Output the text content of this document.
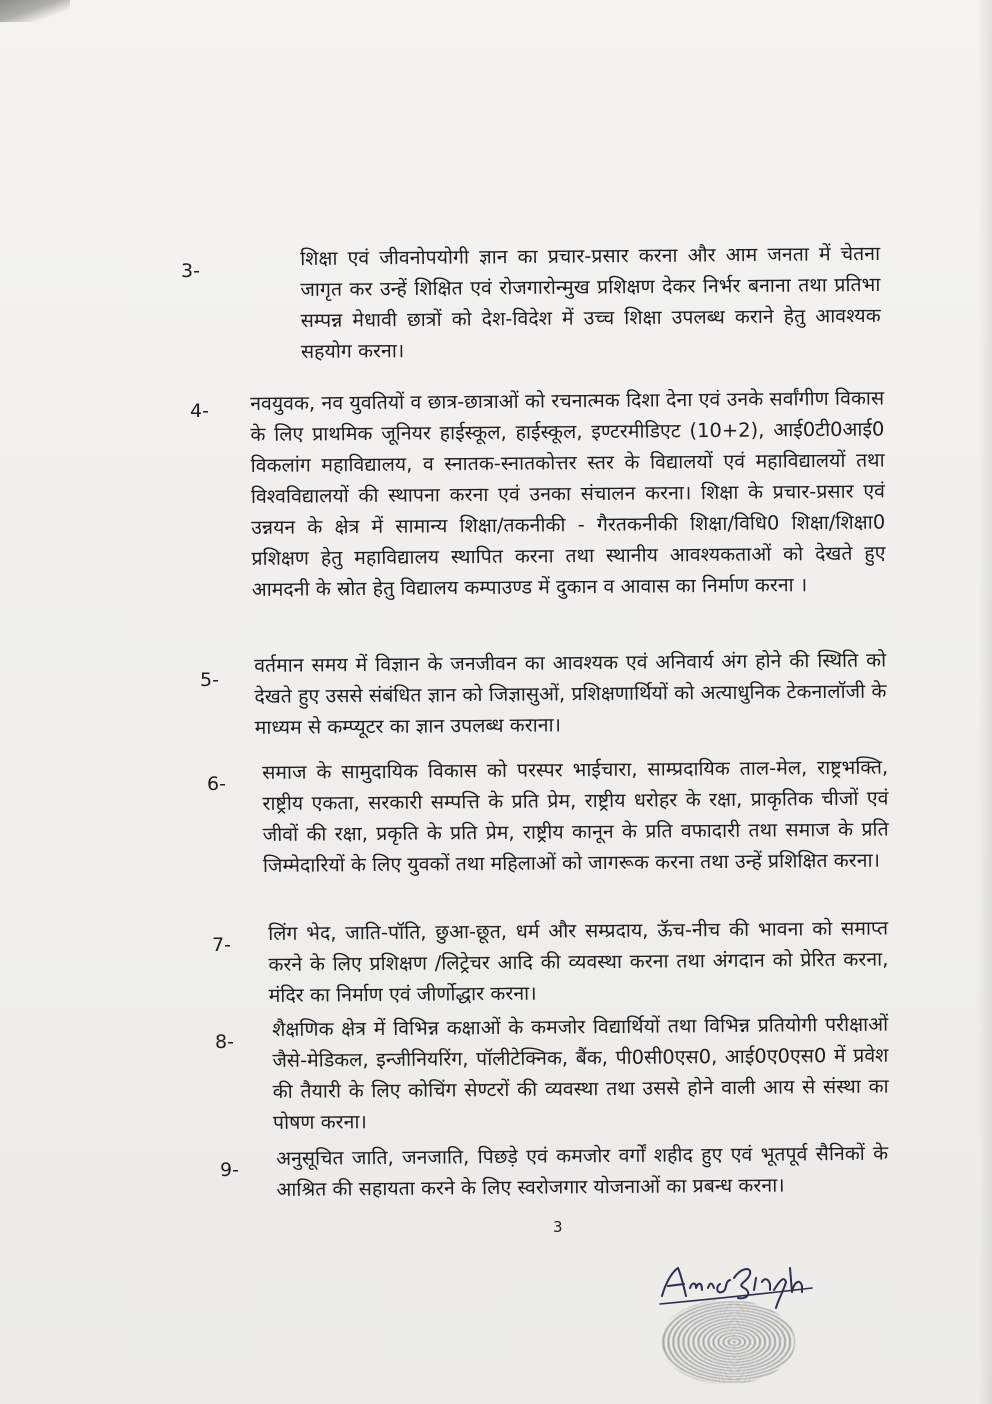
3-
शिक्षा एवं जीवनोपयोगी ज्ञान का प्रचार-प्रसार करना और आम जनता में चेतना जागृत कर उन्हें शिक्षित एवं रोजगारोन्मुख प्रशिक्षण देकर निर्भर बनाना तथा प्रतिभा सम्पन्न मेधावी छात्रों को देश-विदेश में उच्च शिक्षा उपलब्ध कराने हेतु आवश्यक सहयोग करना।
4- नवयुवक, नव युवतियों व छात्र-छात्राओं को रचनात्मक दिशा देना एवं उनके सर्वांगीण विकास के लिए प्राथमिक जूनियर हाईस्कूल, हाईस्कूल, इण्टरमीडिएट (10+2), आई0टी0आई0 विकलांग महाविद्यालय, व स्नातक-स्नातकोत्तर स्तर के विद्यालयों एवं महाविद्यालयों तथा विश्वविद्यालयों की स्थापना करना एवं उनका संचालन करना। शिक्षा के प्रचार-प्रसार एवं उन्नयन के क्षेत्र में सामान्य शिक्षा/तकनीकी - गैरतकनीकी शिक्षा/विधि0 शिक्षा/शिक्षा0 प्रशिक्षण हेतु महाविद्यालय स्थापित करना तथा स्थानीय आवश्यकताओं को देखते हुए आमदनी के स्रोत हेतु विद्यालय कम्पाउण्ड में दुकान व आवास का निर्माण करना ।
5-
वर्तमान समय में विज्ञान के जनजीवन का आवश्यक एवं अनिवार्य अंग होने की स्थिति को देखते हुए उससे संबंधित ज्ञान को जिज्ञासुओं, प्रशिक्षणार्थियों को अत्याधुनिक टेकनालॉजी के माध्यम से कम्प्यूटर का ज्ञान उपलब्ध कराना।
6-
समाज के सामुदायिक विकास को परस्पर भाईचारा, साम्प्रदायिक ताल-मेल, राष्ट्रभक्ति, राष्ट्रीय एकता, सरकारी सम्पत्ति के प्रति प्रेम, राष्ट्रीय धरोहर के रक्षा, प्राकृतिक चीजों एवं जीवों की रक्षा, प्रकृति के प्रति प्रेम, राष्ट्रीय कानून के प्रति वफादारी तथा समाज के प्रति जिम्मेदारियों के लिए युवकों तथा महिलाओं को जागरूक करना तथा उन्हें प्रशिक्षित करना।
7-
लिंग भेद, जाति-पॉति, छुआ-छूत, धर्म और सम्प्रदाय, ऊॅच-नीच की भावना को समाप्त करने के लिए प्रशिक्षण /लिट्रेचर आदि की व्यवस्था करना तथा अंगदान को प्रेरित करना, मंदिर का निर्माण एवं जीर्णोद्धार करना।
8-
शैक्षणिक क्षेत्र में विभिन्न कक्षाओं के कमजोर विद्यार्थियों तथा विभिन्न प्रतियोगी परीक्षाओं जैसे-मेडिकल, इन्जीनियरिंग, पॉलीटेक्निक, बैंक, पी0सी0एस0, आई0ए0एस0 में प्रवेश की तैयारी के लिए कोचिंग सेण्टरों की व्यवस्था तथा उससे होने वाली आय से संस्था का पोषण करना।
9-
अनुसूचित जाति, जनजाति, पिछड़े एवं कमजोर वर्गों शहीद हुए एवं भूतपूर्व सैनिकों के आश्रित की सहायता करने के लिए स्वरोजगार योजनाओं का प्रबन्ध करना।
3
